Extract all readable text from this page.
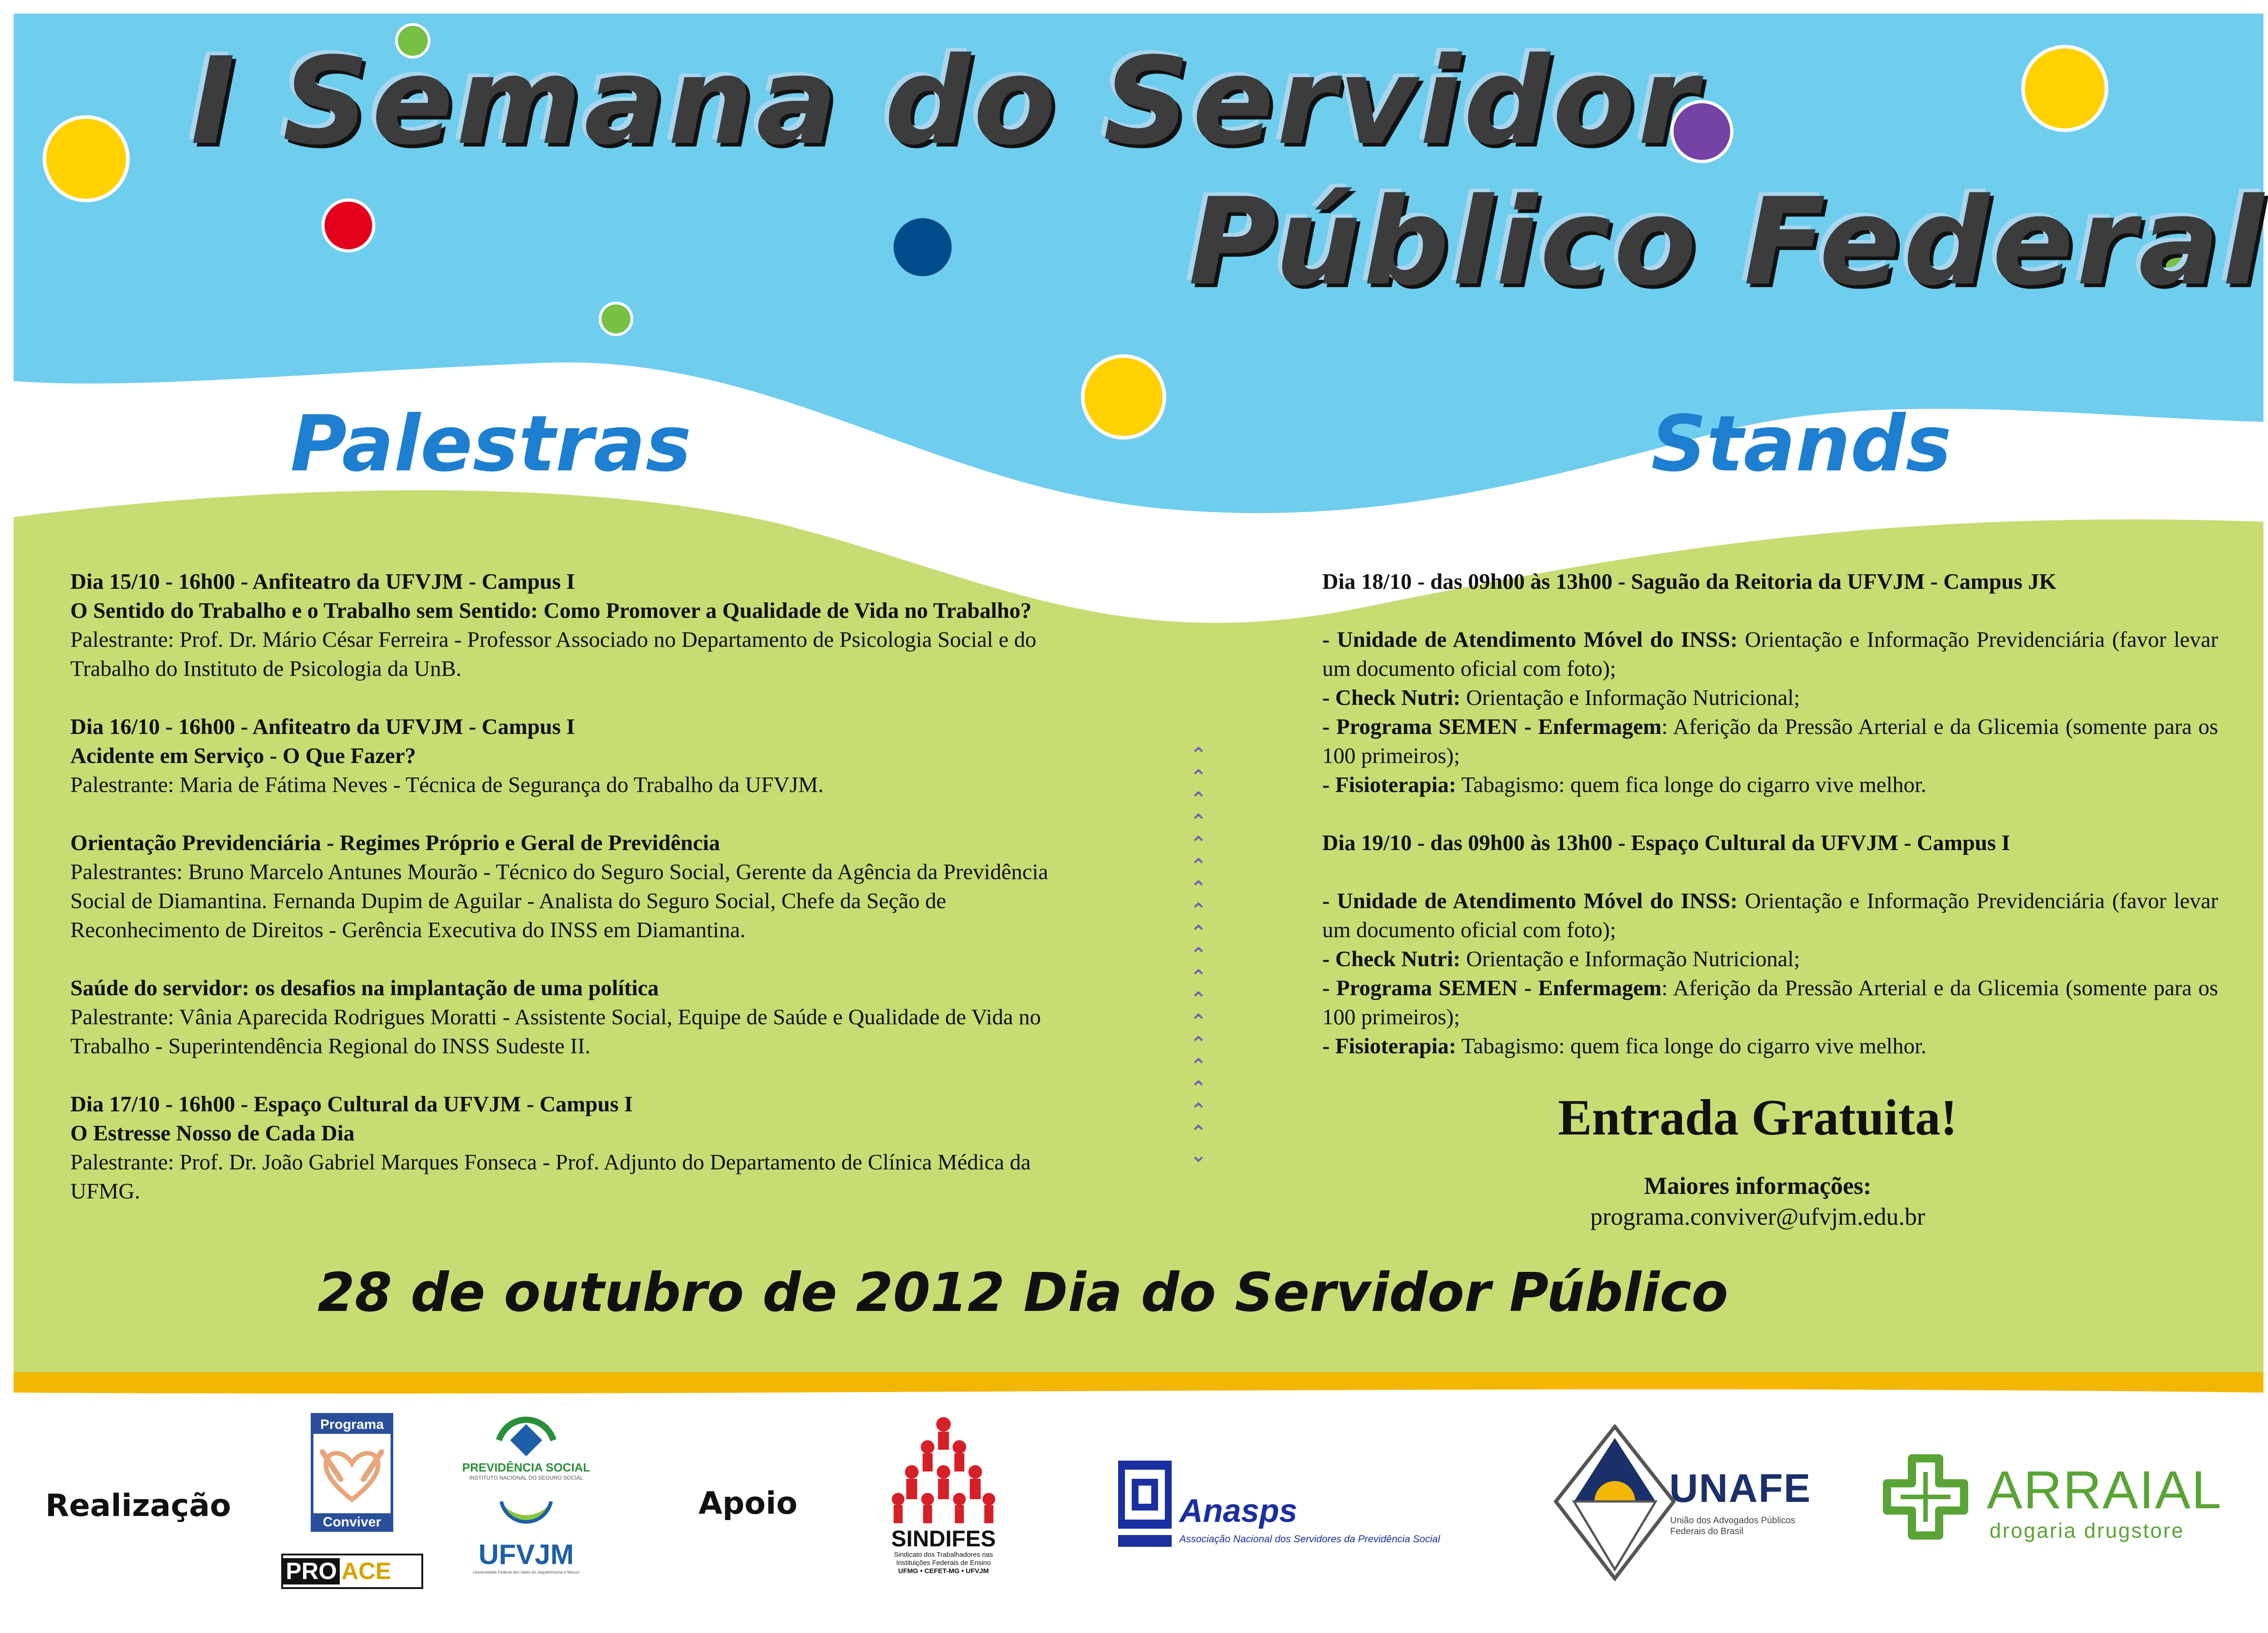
I Semana do Servidor
Público Federal
Palestras	Stands

Dia 15/10 - 16h00 - Anfiteatro da UFVJM - Campus I
O Sentido do Trabalho e o Trabalho sem Sentido: Como Promover a Qualidade de Vida no Trabalho?
Palestrante: Prof. Dr. Mário César Ferreira - Professor Associado no Departamento de Psicologia Social e do Trabalho do Instituto de Psicologia da UnB.

Dia 16/10 - 16h00 - Anfiteatro da UFVJM - Campus I
Acidente em Serviço - O Que Fazer?
Palestrante: Maria de Fátima Neves - Técnica de Segurança do Trabalho da UFVJM.

Orientação Previdenciária - Regimes Próprio e Geral de Previdência
Palestrantes: Bruno Marcelo Antunes Mourão - Técnico do Seguro Social, Gerente da Agência da Previdência Social de Diamantina. Fernanda Dupim de Aguilar - Analista do Seguro Social, Chefe da Seção de Reconhecimento de Direitos - Gerência Executiva do INSS em Diamantina.

Saúde do servidor: os desafios na implantação de uma política
Palestrante: Vânia Aparecida Rodrigues Moratti - Assistente Social, Equipe de Saúde e Qualidade de Vida no Trabalho - Superintendência Regional do INSS Sudeste II.

Dia 17/10 - 16h00 - Espaço Cultural da UFVJM - Campus I
O Estresse Nosso de Cada Dia
Palestrante: Prof. Dr. João Gabriel Marques Fonseca - Prof. Adjunto do Departamento de Clínica Médica da UFMG.

⌃
⌃
⌃
⌃
⌃
⌃
⌃
⌃
⌃
⌃
⌃
⌃
⌃
⌃
⌃
⌃
⌃
⌃
⌄

Dia 18/10 - das 09h00 às 13h00 - Saguão da Reitoria da UFVJM - Campus JK

- Unidade de Atendimento Móvel do INSS: Orientação e Informação Previdenciária (favor levar um documento oficial com foto);
- Check Nutri: Orientação e Informação Nutricional;
- Programa SEMEN - Enfermagem: Aferição da Pressão Arterial e da Glicemia (somente para os 100 primeiros);
- Fisioterapia: Tabagismo: quem fica longe do cigarro vive melhor.

Dia 19/10 - das 09h00 às 13h00 - Espaço Cultural da UFVJM - Campus I

- Unidade de Atendimento Móvel do INSS: Orientação e Informação Previdenciária (favor levar um documento oficial com foto);
- Check Nutri: Orientação e Informação Nutricional;
- Programa SEMEN - Enfermagem: Aferição da Pressão Arterial e da Glicemia (somente para os 100 primeiros);
- Fisioterapia: Tabagismo: quem fica longe do cigarro vive melhor.

Entrada Gratuita!
Maiores informações:
programa.conviver@ufvjm.edu.br
28 de outubro de 2012 Dia do Servidor Público
Realização	Apoio
Programa
Conviver
PRO ACE
PREVIDÊNCIA SOCIAL
INSTITUTO NACIONAL DO SEGURO SOCIAL
UFVJM
Universidade Federal dos Vales do Jequitinhonha e Mucuri
SINDIFES
Sindicato dos Trabalhadores nas
Instituições Federais de Ensino
UFMG • CEFET-MG • UFVJM
Anasps
Associação Nacional dos Servidores da Previdência Social
UNAFE
União dos Advogados Públicos
Federais do Brasil
ARRAIAL
drogaria drugstore
